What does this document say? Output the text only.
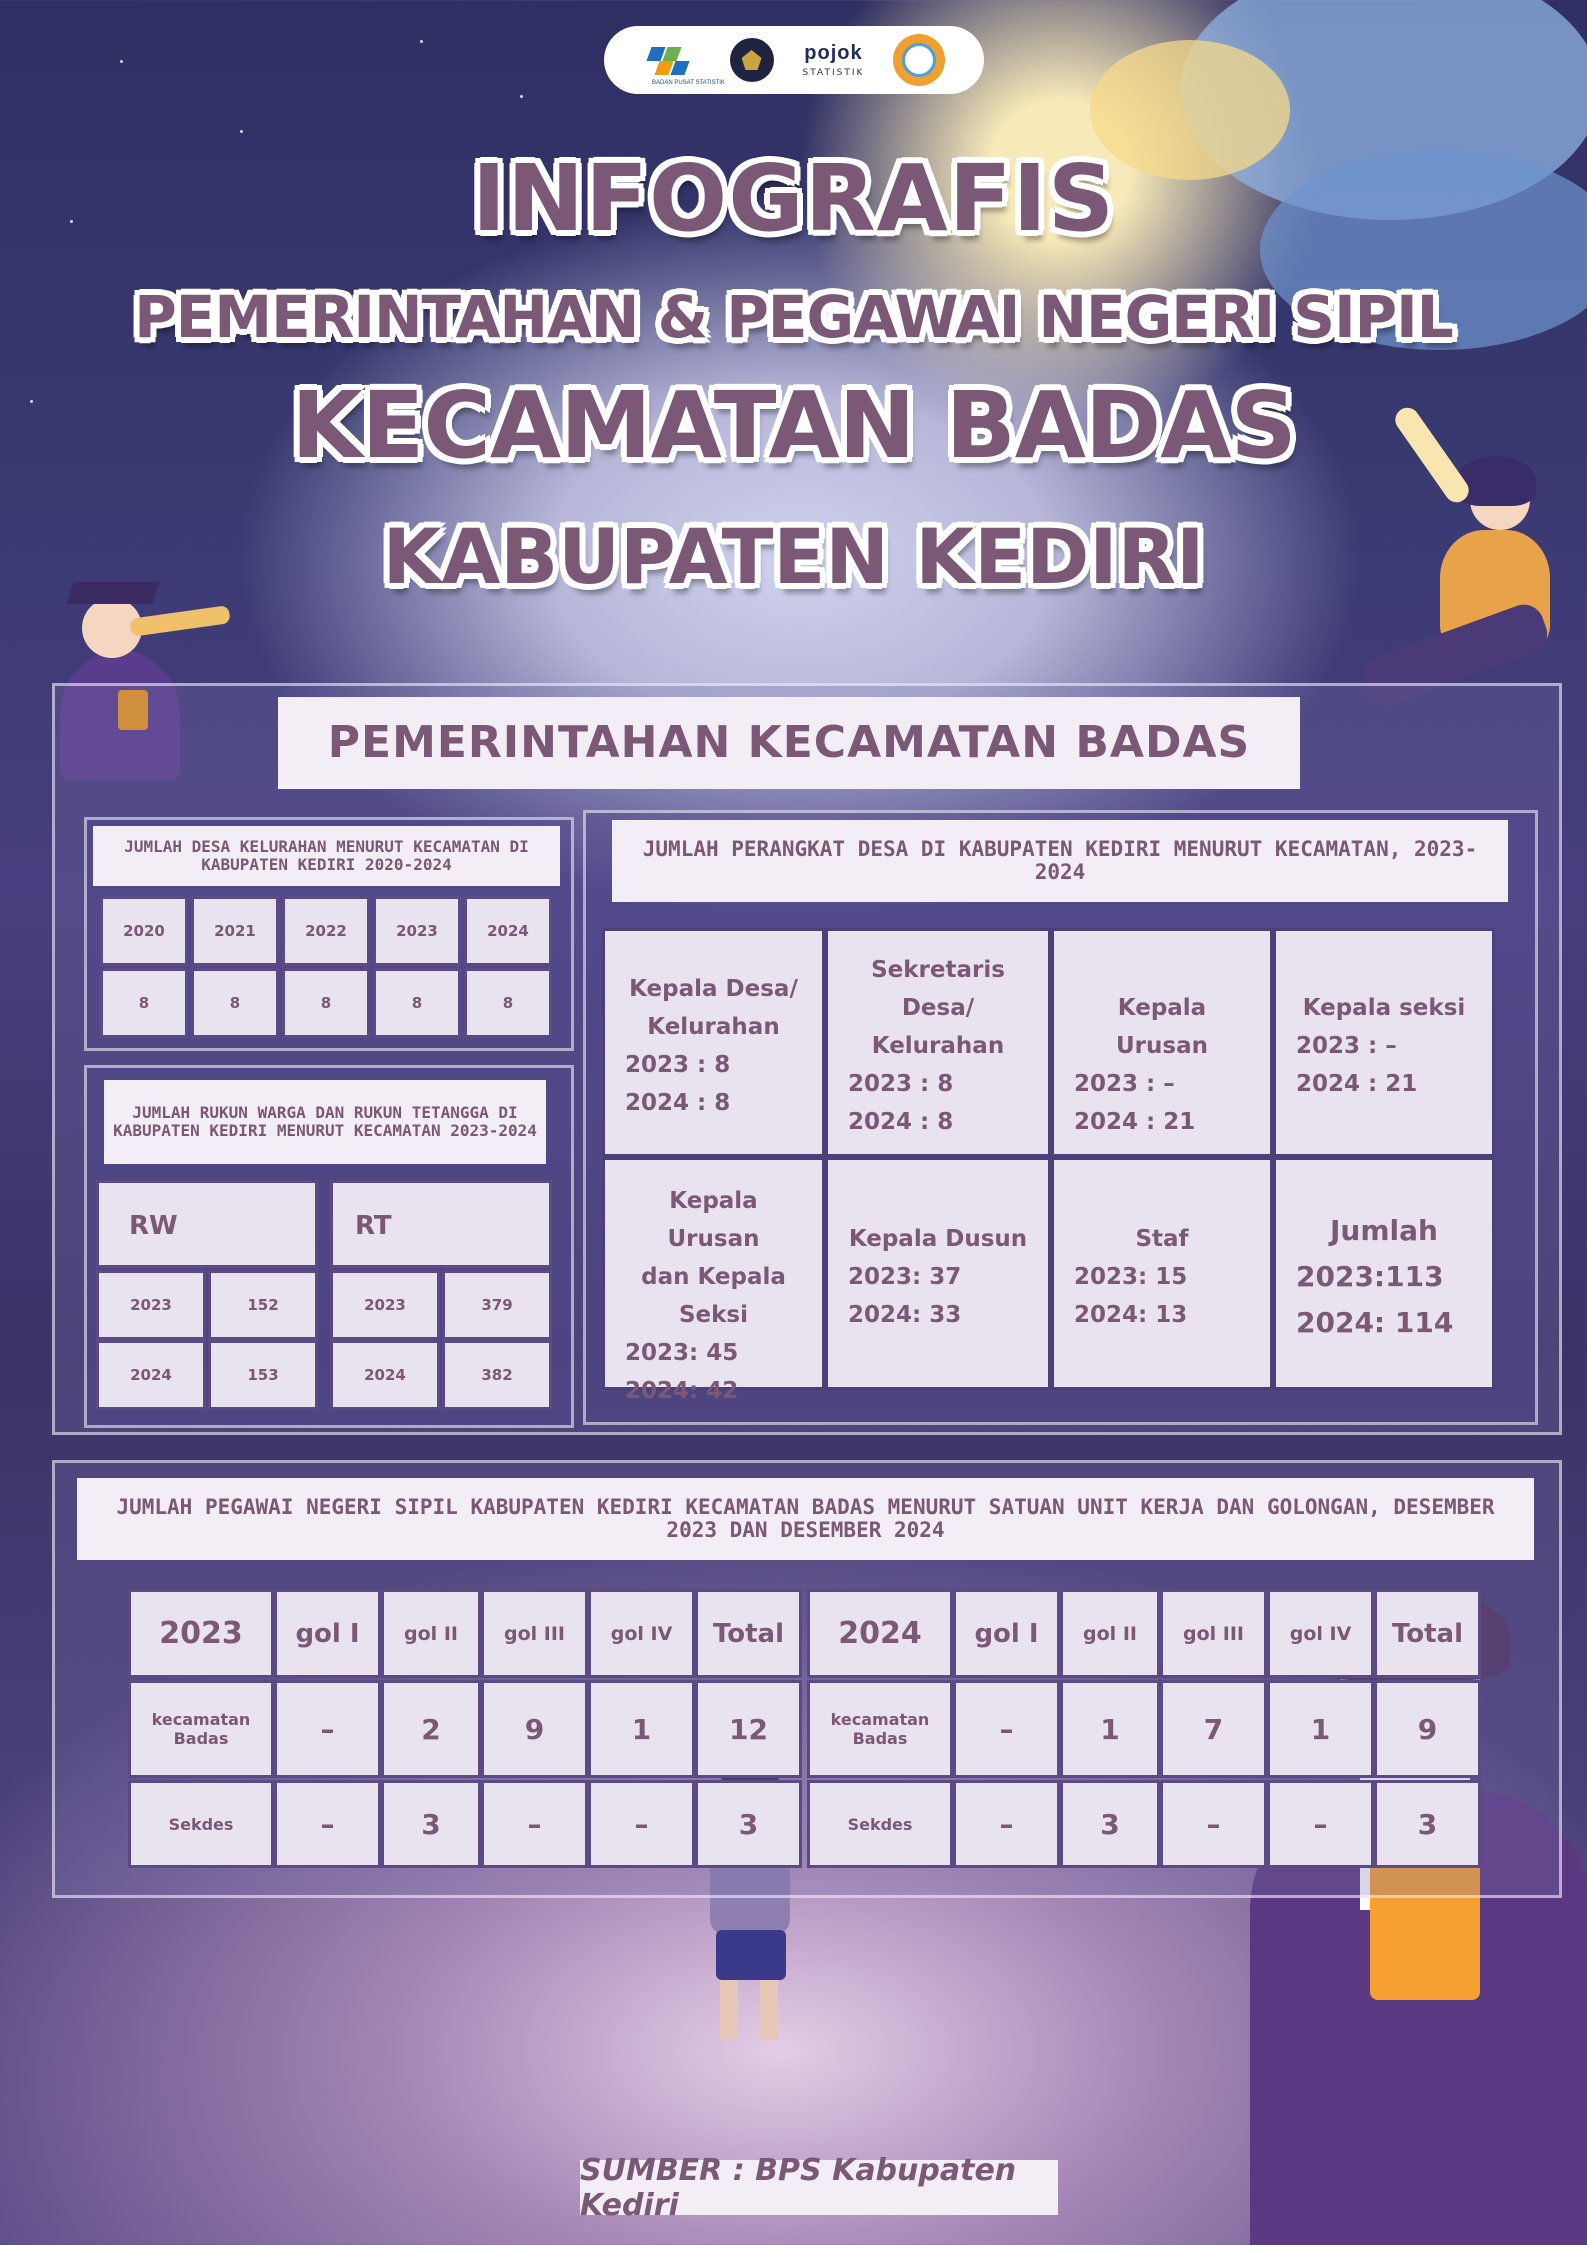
pojok
STATISTIK
BADAN PUSAT STATISTIK
INFOGRAFIS
PEMERINTAHAN & PEGAWAI NEGERI SIPIL
KECAMATAN BADAS
KABUPATEN KEDIRI
PEMERINTAHAN KECAMATAN BADAS
JUMLAH DESA KELURAHAN MENURUT KECAMATAN DI KABUPATEN KEDIRI 2020-2024
2020	2021	2022	2023	2024
8	8	8	8	8
JUMLAH RUKUN WARGA DAN RUKUN TETANGGA DI KABUPATEN KEDIRI MENURUT KECAMATAN 2023-2024
RW
2023	152
2024	153
RT
2023	379
2024	382
JUMLAH PERANGKAT DESA DI KABUPATEN KEDIRI MENURUT KECAMATAN, 2023-2024
Kepala Desa/
Kelurahan
2023 : 8
2024 : 8
Sekretaris
Desa/
Kelurahan
2023 : 8
2024 : 8
Kepala Urusan
2023 : –
2024 : 21
Kepala seksi
2023 : –
2024 : 21
Kepala Urusan
dan Kepala
Seksi
2023: 45
2024: 42
Kepala Dusun
2023: 37
2024: 33
Staf
2023: 15
2024: 13
Jumlah
2023:113
2024: 114
JUMLAH PEGAWAI NEGERI SIPIL KABUPATEN KEDIRI KECAMATAN BADAS MENURUT SATUAN UNIT KERJA DAN GOLONGAN, DESEMBER 2023 DAN DESEMBER 2024
2023	gol I	gol II	gol III	gol IV	Total
kecamatan Badas	–	2	9	1	12
Sekdes	–	3	–	–	3
2024	gol I	gol II	gol III	gol IV	Total
kecamatan Badas	–	1	7	1	9
Sekdes	–	3	–	–	3
SUMBER : BPS Kabupaten Kediri
